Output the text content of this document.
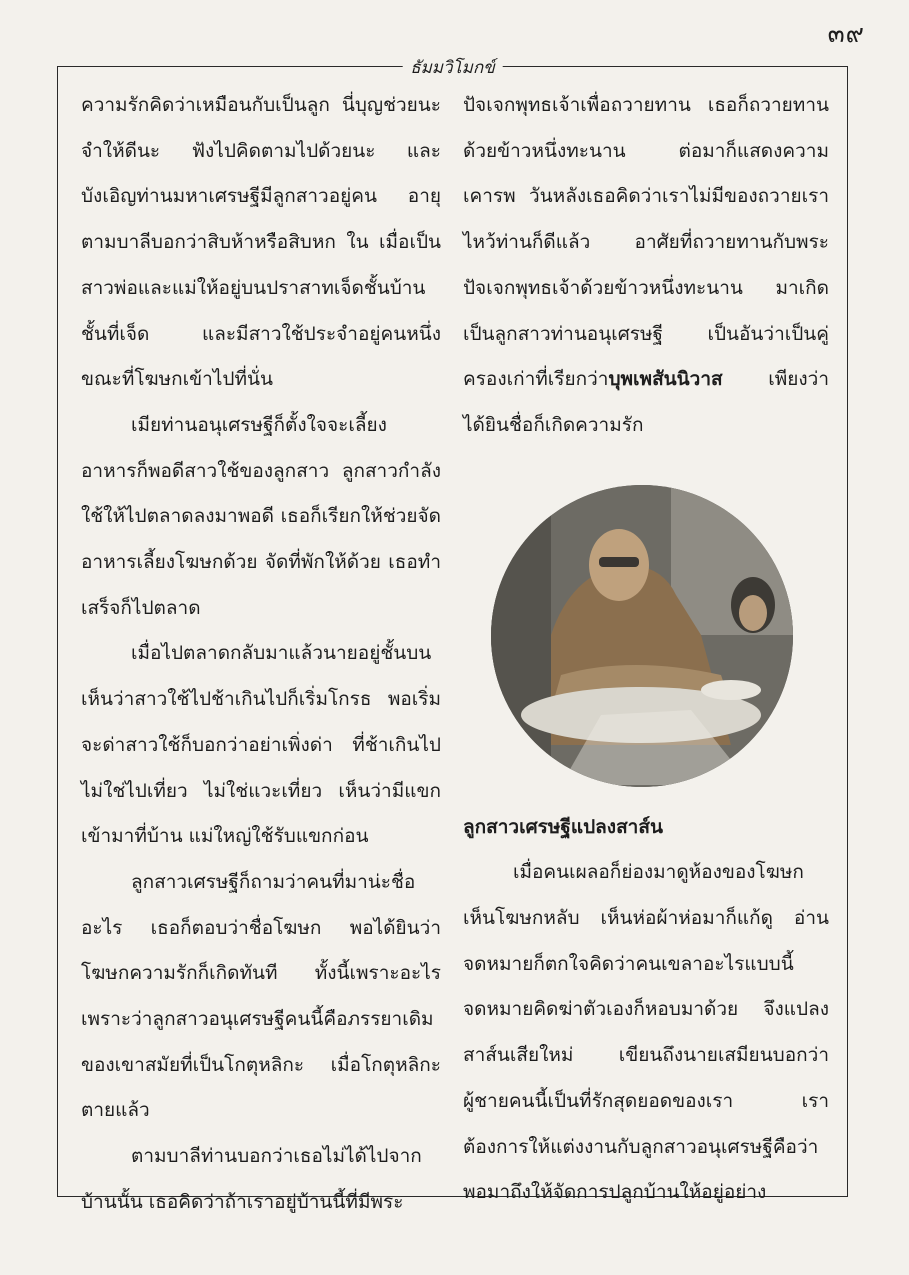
๓๙
ธัมมวิโมกข์

ความรักคิดว่าเหมือนกับเป็นลูก นี่บุญช่วยนะ จำให้ดีนะ ฟังไปคิดตามไปด้วยนะ และบังเอิญท่านมหาเศรษฐีมีลูกสาวอยู่คน อายุตามบาลีบอกว่าสิบห้าหรือสิบหก ใน เมื่อเป็นสาวพ่อและแม่ให้อยู่บนปราสาทเจ็ดชั้นบ้านชั้นที่เจ็ด และมีสาวใช้ประจำอยู่คนหนึ่ง ขณะที่โฆษกเข้าไปที่นั่น

เมียท่านอนุเศรษฐีก็ตั้งใจจะเลี้ยงอาหารก็พอดีสาวใช้ของลูกสาว ลูกสาวกำลังใช้ให้ไปตลาดลงมาพอดี เธอก็เรียกให้ช่วยจัดอาหารเลี้ยงโฆษกด้วย จัดที่พักให้ด้วย เธอทำเสร็จก็ไปตลาด

เมื่อไปตลาดกลับมาแล้วนายอยู่ชั้นบนเห็นว่าสาวใช้ไปช้าเกินไปก็เริ่มโกรธ พอเริ่มจะด่าสาวใช้ก็บอกว่าอย่าเพิ่งด่า ที่ช้าเกินไปไม่ใช่ไปเที่ยว ไม่ใช่แวะเที่ยว เห็นว่ามีแขกเข้ามาที่บ้าน แม่ใหญ่ใช้รับแขกก่อน

ลูกสาวเศรษฐีก็ถามว่าคนที่มาน่ะชื่ออะไร เธอก็ตอบว่าชื่อโฆษก พอได้ยินว่าโฆษกความรักก็เกิดทันที ทั้งนี้เพราะอะไรเพราะว่าลูกสาวอนุเศรษฐีคนนี้คือภรรยาเดิมของเขาสมัยที่เป็นโกตุหลิกะ เมื่อโกตุหลิกะตายแล้ว

ตามบาลีท่านบอกว่าเธอไม่ได้ไปจากบ้านนั้น เธอคิดว่าถ้าเราอยู่บ้านนี้ที่มีพระ

ปัจเจกพุทธเจ้าเพื่อถวายทาน เธอก็ถวายทานด้วยข้าวหนึ่งทะนาน ต่อมาก็แสดงความเคารพ วันหลังเธอคิดว่าเราไม่มีของถวายเรา ไหว้ท่านก็ดีแล้ว อาศัยที่ถวายทานกับพระปัจเจกพุทธเจ้าด้วยข้าวหนึ่งทะนาน มาเกิดเป็นลูกสาวท่านอนุเศรษฐี เป็นอันว่าเป็นคู่ครองเก่าที่เรียกว่าบุพเพสันนิวาส เพียงว่าได้ยินชื่อก็เกิดความรัก

ลูกสาวเศรษฐีแปลงสาส์น

เมื่อคนเผลอก็ย่องมาดูห้องของโฆษกเห็นโฆษกหลับ เห็นห่อผ้าห่อมาก็แก้ดู อ่านจดหมายก็ตกใจคิดว่าคนเขลาอะไรแบบนี้ จดหมายคิดฆ่าตัวเองก็หอบมาด้วย จึงแปลงสาส์นเสียใหม่ เขียนถึงนายเสมียนบอกว่า ผู้ชายคนนี้เป็นที่รักสุดยอดของเรา เราต้องการให้แต่งงานกับลูกสาวอนุเศรษฐีคือว่าพอมาถึงให้จัดการปลูกบ้านให้อยู่อย่าง
